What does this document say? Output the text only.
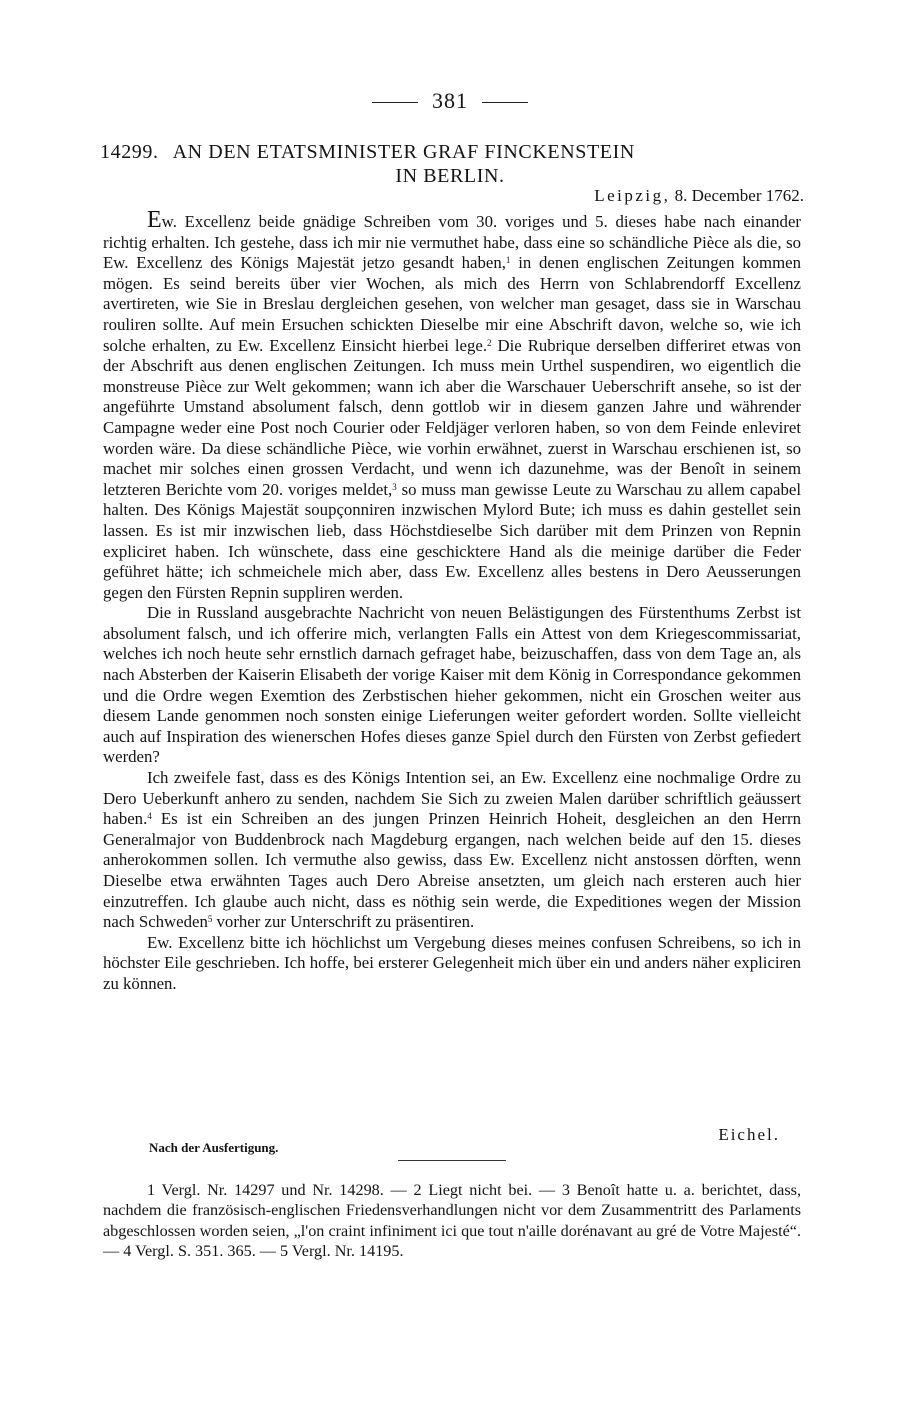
381
14299. AN DEN ETATSMINISTER GRAF FINCKENSTEIN
IN BERLIN.
Leipzig, 8. December 1762.

Ew. Excellenz beide gnädige Schreiben vom 30. voriges und 5. dieses habe nach einander richtig erhalten. Ich gestehe, dass ich mir nie vermuthet habe, dass eine so schändliche Pièce als die, so Ew. Excellenz des Königs Majestät jetzo gesandt haben,$^1$ in denen englischen Zeitungen kommen mögen. Es seind bereits über vier Wochen, als mich des Herrn von Schlabrendorff Excellenz avertireten, wie Sie in Breslau dergleichen gesehen, von welcher man gesaget, dass sie in Warschau rouliren sollte. Auf mein Ersuchen schickten Dieselbe mir eine Abschrift davon, welche so, wie ich solche erhalten, zu Ew. Excellenz Einsicht hierbei lege.$^2$ Die Rubrique derselben differiret etwas von der Abschrift aus denen englischen Zeitungen. Ich muss mein Urthel suspendiren, wo eigentlich die monstreuse Pièce zur Welt gekommen; wann ich aber die Warschauer Ueberschrift ansehe, so ist der angeführte Umstand absolument falsch, denn gottlob wir in diesem ganzen Jahre und währender Campagne weder eine Post noch Courier oder Feldjäger verloren haben, so von dem Feinde enleviret worden wäre. Da diese schändliche Pièce, wie vorhin erwähnet, zuerst in Warschau erschienen ist, so machet mir solches einen grossen Verdacht, und wenn ich dazunehme, was der Benoît in seinem letzteren Berichte vom 20. voriges meldet,$^3$ so muss man gewisse Leute zu Warschau zu allem capabel halten. Des Königs Majestät soupçonniren inzwischen Mylord Bute; ich muss es dahin gestellet sein lassen. Es ist mir inzwischen lieb, dass Höchstdieselbe Sich darüber mit dem Prinzen von Repnin expliciret haben. Ich wünschete, dass eine geschicktere Hand als die meinige darüber die Feder geführet hätte; ich schmeichele mich aber, dass Ew. Excellenz alles bestens in Dero Aeusserungen gegen den Fürsten Repnin suppliren werden.

Die in Russland ausgebrachte Nachricht von neuen Belästigungen des Fürstenthums Zerbst ist absolument falsch, und ich offerire mich, verlangten Falls ein Attest von dem Kriegescommissariat, welches ich noch heute sehr ernstlich darnach gefraget habe, beizuschaffen, dass von dem Tage an, als nach Absterben der Kaiserin Elisabeth der vorige Kaiser mit dem König in Correspondance gekommen und die Ordre wegen Exemtion des Zerbstischen hieher gekommen, nicht ein Groschen weiter aus diesem Lande genommen noch sonsten einige Lieferungen weiter gefordert worden. Sollte vielleicht auch auf Inspiration des wienerschen Hofes dieses ganze Spiel durch den Fürsten von Zerbst gefiedert werden?

Ich zweifele fast, dass es des Königs Intention sei, an Ew. Excellenz eine nochmalige Ordre zu Dero Ueberkunft anhero zu senden, nachdem Sie Sich zu zweien Malen darüber schriftlich geäussert haben.$^4$ Es ist ein Schreiben an des jungen Prinzen Heinrich Hoheit, desgleichen an den Herrn Generalmajor von Buddenbrock nach Magdeburg ergangen, nach welchen beide auf den 15. dieses anherokommen sollen. Ich vermuthe also gewiss, dass Ew. Excellenz nicht anstossen dörften, wenn Dieselbe etwa erwähnten Tages auch Dero Abreise ansetzten, um gleich nach ersteren auch hier einzutreffen. Ich glaube auch nicht, dass es nöthig sein werde, die Expeditiones wegen der Mission nach Schweden$^5$ vorher zur Unterschrift zu präsentiren.

Ew. Excellenz bitte ich höchlichst um Vergebung dieses meines confusen Schreibens, so ich in höchster Eile geschrieben. Ich hoffe, bei ersterer Gelegenheit mich über ein und anders näher expliciren zu können.

Eichel.
Nach der Ausfertigung.

1 Vergl. Nr. 14297 und Nr. 14298. — 2 Liegt nicht bei. — 3 Benoît hatte u. a. berichtet, dass, nachdem die französisch-englischen Friedensverhandlungen nicht vor dem Zusammentritt des Parlaments abgeschlossen worden seien, „l'on craint infiniment ici que tout n'aille dorénavant au gré de Votre Majesté“. — 4 Vergl. S. 351. 365. — 5 Vergl. Nr. 14195.
